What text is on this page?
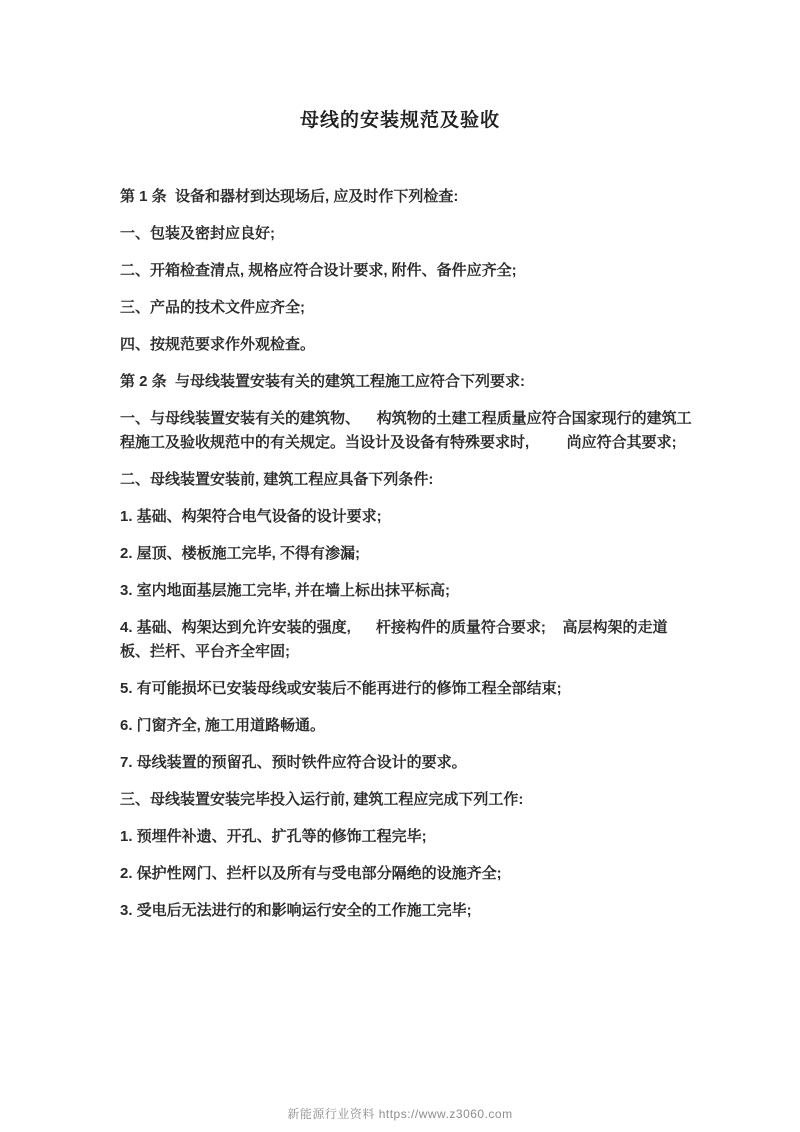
母线的安装规范及验收

第 1 条  设备和器材到达现场后, 应及时作下列检查:

一、包装及密封应良好;

二、开箱检查清点, 规格应符合设计要求, 附件、备件应齐全;

三、产品的技术文件应齐全;

四、按规范要求作外观检查。

第 2 条  与母线装置安装有关的建筑工程施工应符合下列要求:

一、与母线装置安装有关的建筑物、    构筑物的土建工程质量应符合国家现行的建筑工程施工及验收规范中的有关规定。当设计及设备有特殊要求时,         尚应符合其要求;

二、母线装置安装前, 建筑工程应具备下列条件:

1. 基础、构架符合电气设备的设计要求;

2. 屋顶、楼板施工完毕, 不得有渗漏;

3. 室内地面基层施工完毕, 并在墙上标出抹平标高;

4. 基础、构架达到允许安装的强度,      杆接构件的质量符合要求;    高层构架的走道板、拦杆、平台齐全牢固;

5. 有可能损坏已安装母线或安装后不能再进行的修饰工程全部结束;

6. 门窗齐全, 施工用道路畅通。

7. 母线装置的预留孔、预时铁件应符合设计的要求。

三、母线装置安装完毕投入运行前, 建筑工程应完成下列工作:

1. 预埋件补遗、开孔、扩孔等的修饰工程完毕;

2. 保护性网门、拦杆以及所有与受电部分隔绝的设施齐全;

3. 受电后无法进行的和影响运行安全的工作施工完毕;

新能源行业资料 https://www.z3060.com
